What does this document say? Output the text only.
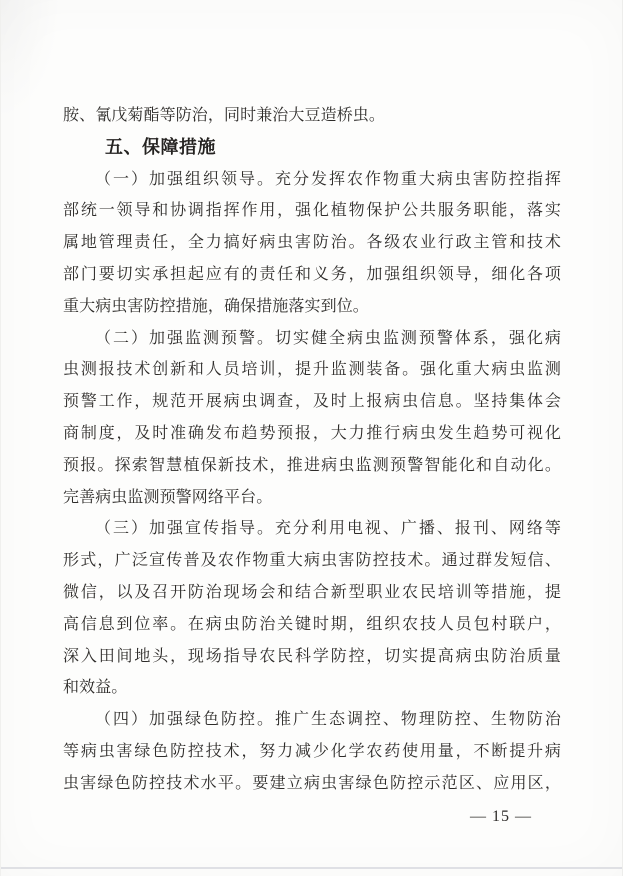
胺、氰戊菊酯等防治，同时兼治大豆造桥虫。
五、保障措施
（一）加强组织领导。充分发挥农作物重大病虫害防控指挥
部统一领导和协调指挥作用，强化植物保护公共服务职能，落实
属地管理责任，全力搞好病虫害防治。各级农业行政主管和技术
部门要切实承担起应有的责任和义务，加强组织领导，细化各项
重大病虫害防控措施，确保措施落实到位。
（二）加强监测预警。切实健全病虫监测预警体系，强化病
虫测报技术创新和人员培训，提升监测装备。强化重大病虫监测
预警工作，规范开展病虫调查，及时上报病虫信息。坚持集体会
商制度，及时准确发布趋势预报，大力推行病虫发生趋势可视化
预报。探索智慧植保新技术，推进病虫监测预警智能化和自动化。
完善病虫监测预警网络平台。
（三）加强宣传指导。充分利用电视、广播、报刊、网络等
形式，广泛宣传普及农作物重大病虫害防控技术。通过群发短信、
微信，以及召开防治现场会和结合新型职业农民培训等措施，提
高信息到位率。在病虫防治关键时期，组织农技人员包村联户，
深入田间地头，现场指导农民科学防控，切实提高病虫防治质量
和效益。
（四）加强绿色防控。推广生态调控、物理防控、生物防治
等病虫害绿色防控技术，努力减少化学农药使用量，不断提升病
虫害绿色防控技术水平。要建立病虫害绿色防控示范区、应用区，
— 15 —
